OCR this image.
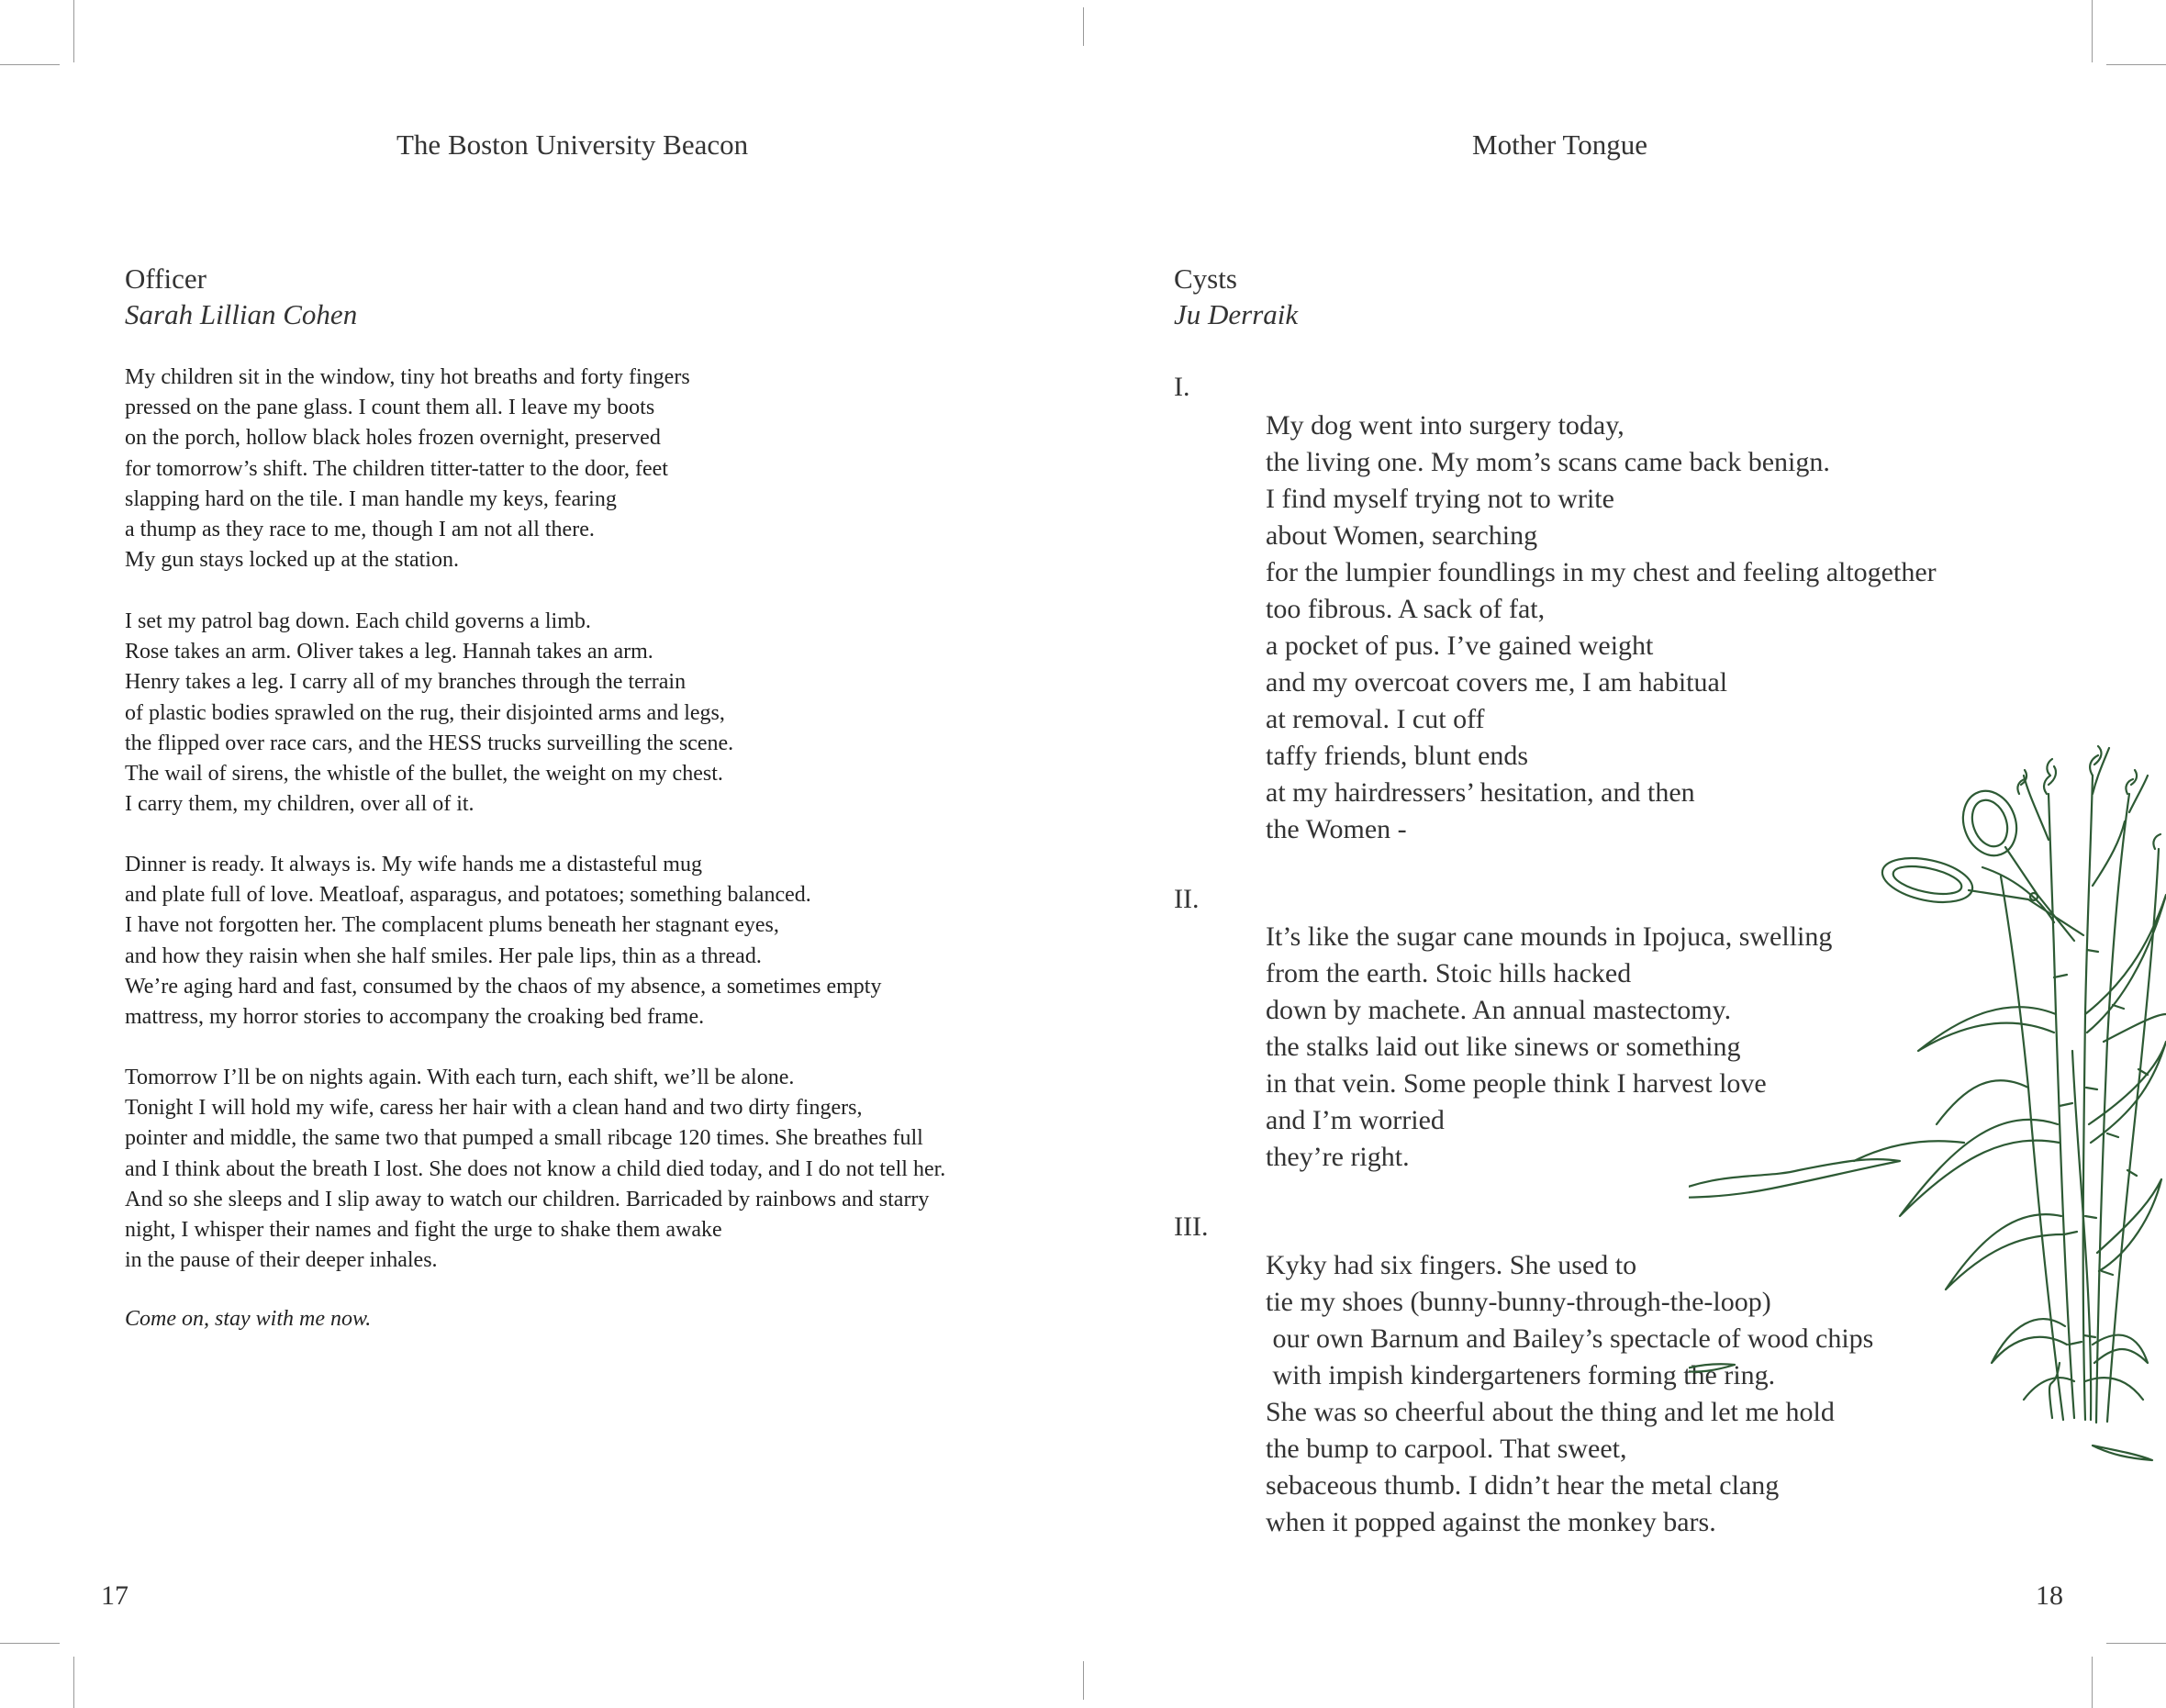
The Boston University Beacon
Officer
Sarah Lillian Cohen
My children sit in the window, tiny hot breaths and forty fingers
pressed on the pane glass. I count them all. I leave my boots
on the porch, hollow black holes frozen overnight, preserved
for tomorrow’s shift. The children titter-tatter to the door, feet
slapping hard on the tile. I man handle my keys, fearing
a thump as they race to me, though I am not all there.
My gun stays locked up at the station.
I set my patrol bag down. Each child governs a limb.
Rose takes an arm. Oliver takes a leg. Hannah takes an arm.
Henry takes a leg. I carry all of my branches through the terrain
of plastic bodies sprawled on the rug, their disjointed arms and legs,
the flipped over race cars, and the HESS trucks surveilling the scene.
The wail of sirens, the whistle of the bullet, the weight on my chest.
I carry them, my children, over all of it.
Dinner is ready. It always is. My wife hands me a distasteful mug
and plate full of love. Meatloaf, asparagus, and potatoes; something balanced.
I have not forgotten her. The complacent plums beneath her stagnant eyes,
and how they raisin when she half smiles. Her pale lips, thin as a thread.
We’re aging hard and fast, consumed by the chaos of my absence, a sometimes empty
mattress, my horror stories to accompany the croaking bed frame.
Tomorrow I’ll be on nights again. With each turn, each shift, we’ll be alone.
Tonight I will hold my wife, caress her hair with a clean hand and two dirty fingers,
pointer and middle, the same two that pumped a small ribcage 120 times. She breathes full
and I think about the breath I lost. She does not know a child died today, and I do not tell her.
And so she sleeps and I slip away to watch our children. Barricaded by rainbows and starry
night, I whisper their names and fight the urge to shake them awake
in the pause of their deeper inhales.
Come on, stay with me now.
17
Mother Tongue
Cysts
Ju Derraik
I.
My dog went into surgery today,
the living one. My mom’s scans came back benign.
I find myself trying not to write
about Women, searching
for the lumpier foundlings in my chest and feeling altogether
too fibrous. A sack of fat,
a pocket of pus. I’ve gained weight
and my overcoat covers me, I am habitual
at removal. I cut off
taffy friends, blunt ends
at my hairdressers’ hesitation, and then
the Women -
II.
It’s like the sugar cane mounds in Ipojuca, swelling
from the earth. Stoic hills hacked
down by machete. An annual mastectomy.
the stalks laid out like sinews or something
in that vein. Some people think I harvest love
and I’m worried
they’re right.
III.
Kyky had six fingers. She used to
tie my shoes (bunny-bunny-through-the-loop)
our own Barnum and Bailey’s spectacle of wood chips
with impish kindergarteners forming the ring.
She was so cheerful about the thing and let me hold
the bump to carpool. That sweet,
sebaceous thumb. I didn’t hear the metal clang
when it popped against the monkey bars.
18
